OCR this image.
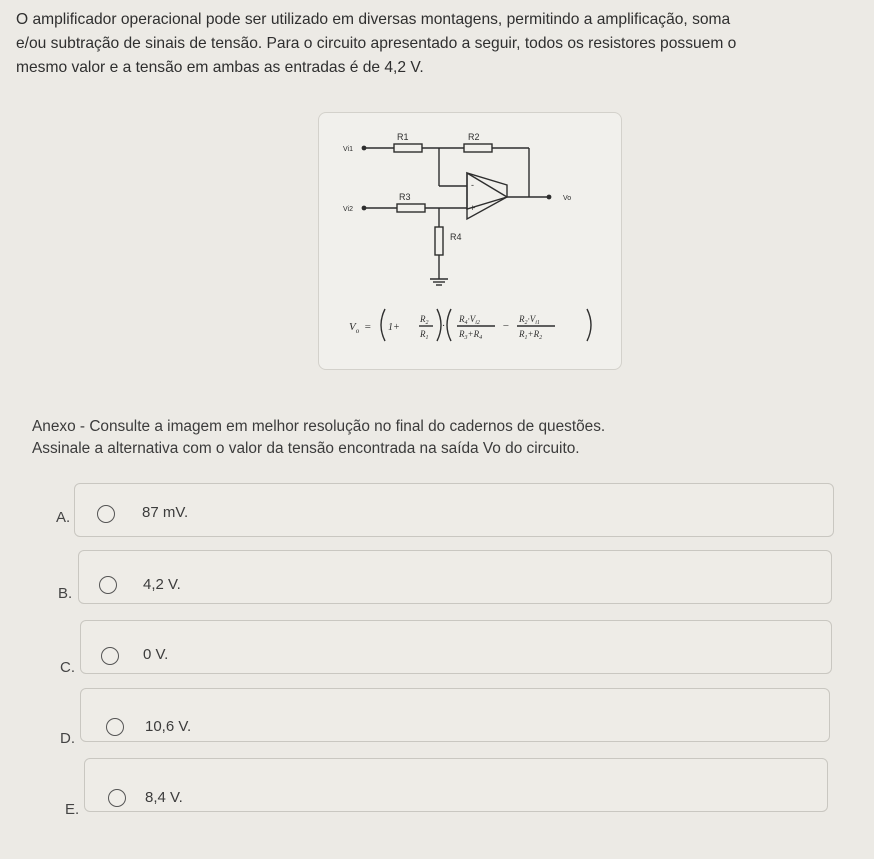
O amplificador operacional pode ser utilizado em diversas montagens, permitindo a amplificação, soma

e/ou subtração de sinais de tensão. Para o circuito apresentado a seguir, todos os resistores possuem o

mesmo valor e a tensão em ambas as entradas é de 4,2 V.

Vi1
Vi2
R1	R2
R3
R4
Vo
-
+
$V_o = 1+$
$R_2$
$R_1$
·
$R_4\cdot V_{i2}$
$R_3+R_4$
−
$R_2\cdot V_{i1}$
$R_1+R_2$

Anexo - Consulte a imagem em melhor resolução no final do cadernos de questões.

Assinale a alternativa com o valor da tensão encontrada na saída Vo do circuito.

A.	87 mV.
B.
4,2 V.
C.
0 V.
D.
10,6 V.
E.
8,4 V.
